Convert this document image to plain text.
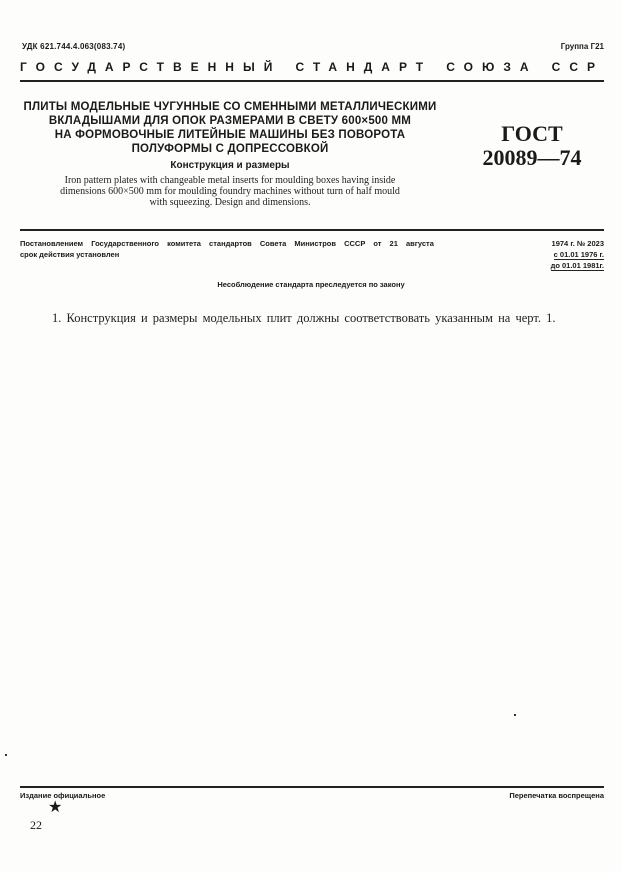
УДК 621.744.4.063(083.74)	Группа Г21
ГОСУДАРСТВЕННЫЙ СТАНДАРТ СОЮЗА ССР
ПЛИТЫ МОДЕЛЬНЫЕ ЧУГУННЫЕ СО СМЕННЫМИ МЕТАЛЛИЧЕСКИМИ
ВКЛАДЫШАМИ ДЛЯ ОПОК РАЗМЕРАМИ В СВЕТУ 600×500 ММ
НА ФОРМОВОЧНЫЕ ЛИТЕЙНЫЕ МАШИНЫ БЕЗ ПОВОРОТА
ПОЛУФОРМЫ С ДОПРЕССОВКОЙ
Конструкция и размеры
Iron pattern plates with changeable metal inserts for moulding boxes having inside
dimensions 600×500 mm for moulding foundry machines without turn of half mould
with squeezing. Design and dimensions.
ГОСТ
20089—74
Постановлением Государственного комитета стандартов Совета Министров СССР от 21 августа
срок действия установлен
1974 г. № 2023
с 01.01 1976 г.
до 01.01 1981г.
Несоблюдение стандарта преследуется по закону
1. Конструкция и размеры модельных плит должны соответствовать указанным на черт. 1.
Издание официальное	Перепечатка воспрещена
★
22
